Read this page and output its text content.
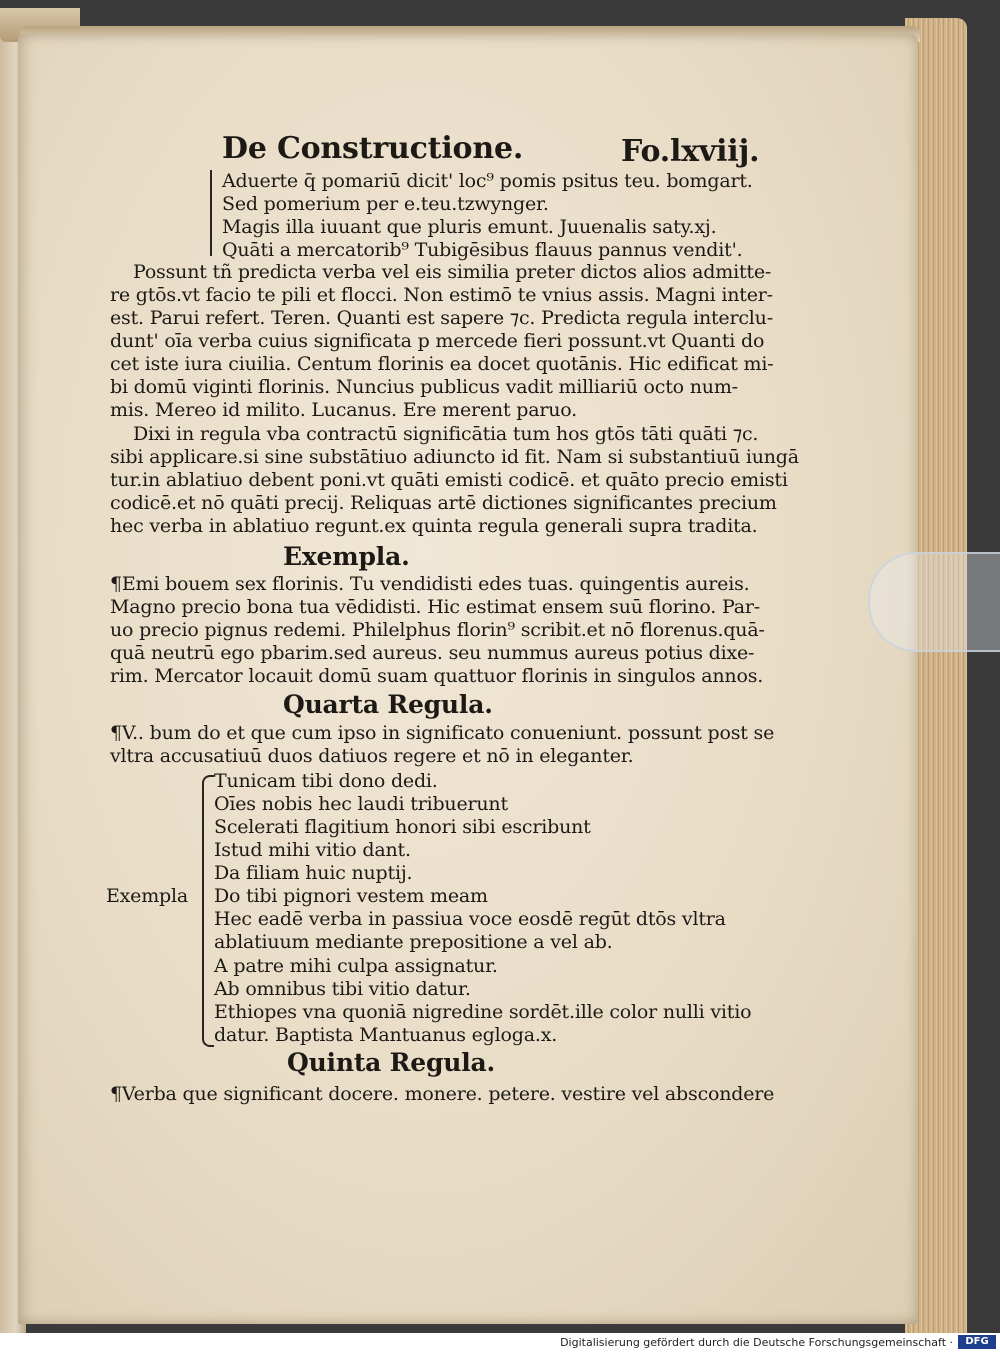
De Constructione.	Fo.lxviij.
Aduerte q̄ pomariū dicit' loc⁹ pomis psitus teu. bomgart.
Sed pomerium per e.teu.tzwynger.
Magis illa iuuant que pluris emunt. Juuenalis saty.xj.
Quāti a mercatorib⁹ Tubigēsibus flauus pannus vendit'.
Possunt tñ predicta verba vel eis similia preter dictos alios admitte-
re gtōs.vt facio te pili et flocci. Non estimō te vnius assis. Magni inter-
est. Parui refert. Teren. Quanti est sapere ⁊c. Predicta regula interclu-
dunt' oīa verba cuius significata p mercede fieri possunt.vt Quanti do
cet iste iura ciuilia. Centum florinis ea docet quotānis. Hic edificat mi-
bi domū viginti florinis. Nuncius publicus vadit milliariū octo num-
mis. Mereo id milito. Lucanus. Ere merent paruo.
Dixi in regula vba contractū significātia tum hos gtōs tāti quāti ⁊c.
sibi applicare.si sine substātiuo adiuncto id fit. Nam si substantiuū iungā
tur.in ablatiuo debent poni.vt quāti emisti codicē. et quāto precio emisti
codicē.et nō quāti precij. Reliquas artē dictiones significantes precium
hec verba in ablatiuo regunt.ex quinta regula generali supra tradita.
Exempla.
¶Emi bouem sex florinis. Tu vendidisti edes tuas. quingentis aureis.
Magno precio bona tua vēdidisti. Hic estimat ensem suū florino. Par-
uo precio pignus redemi. Philelphus florin⁹ scribit.et nō florenus.quā-
quā neutrū ego pbarim.sed aureus. seu nummus aureus potius dixe-
rim. Mercator locauit domū suam quattuor florinis in singulos annos.
Quarta Regula.
¶V.. bum do et que cum ipso in significato conueniunt. possunt post se
vltra accusatiuū duos datiuos regere et nō in eleganter.
Exempla
Tunicam tibi dono dedi.
Oīes nobis hec laudi tribuerunt
Scelerati flagitium honori sibi escribunt
Istud mihi vitio dant.
Da filiam huic nuptij.
Do tibi pignori vestem meam
Hec eadē verba in passiua voce eosdē regūt dtōs vltra
ablatiuum mediante prepositione a vel ab.
A patre mihi culpa assignatur.
Ab omnibus tibi vitio datur.
Ethiopes vna quoniā nigredine sordēt.ille color nulli vitio
datur. Baptista Mantuanus egloga.x.
Quinta Regula.
¶Verba que significant docere. monere. petere. vestire vel abscondere
Digitalisierung gefördert durch die Deutsche Forschungsgemeinschaft ·	DFG
